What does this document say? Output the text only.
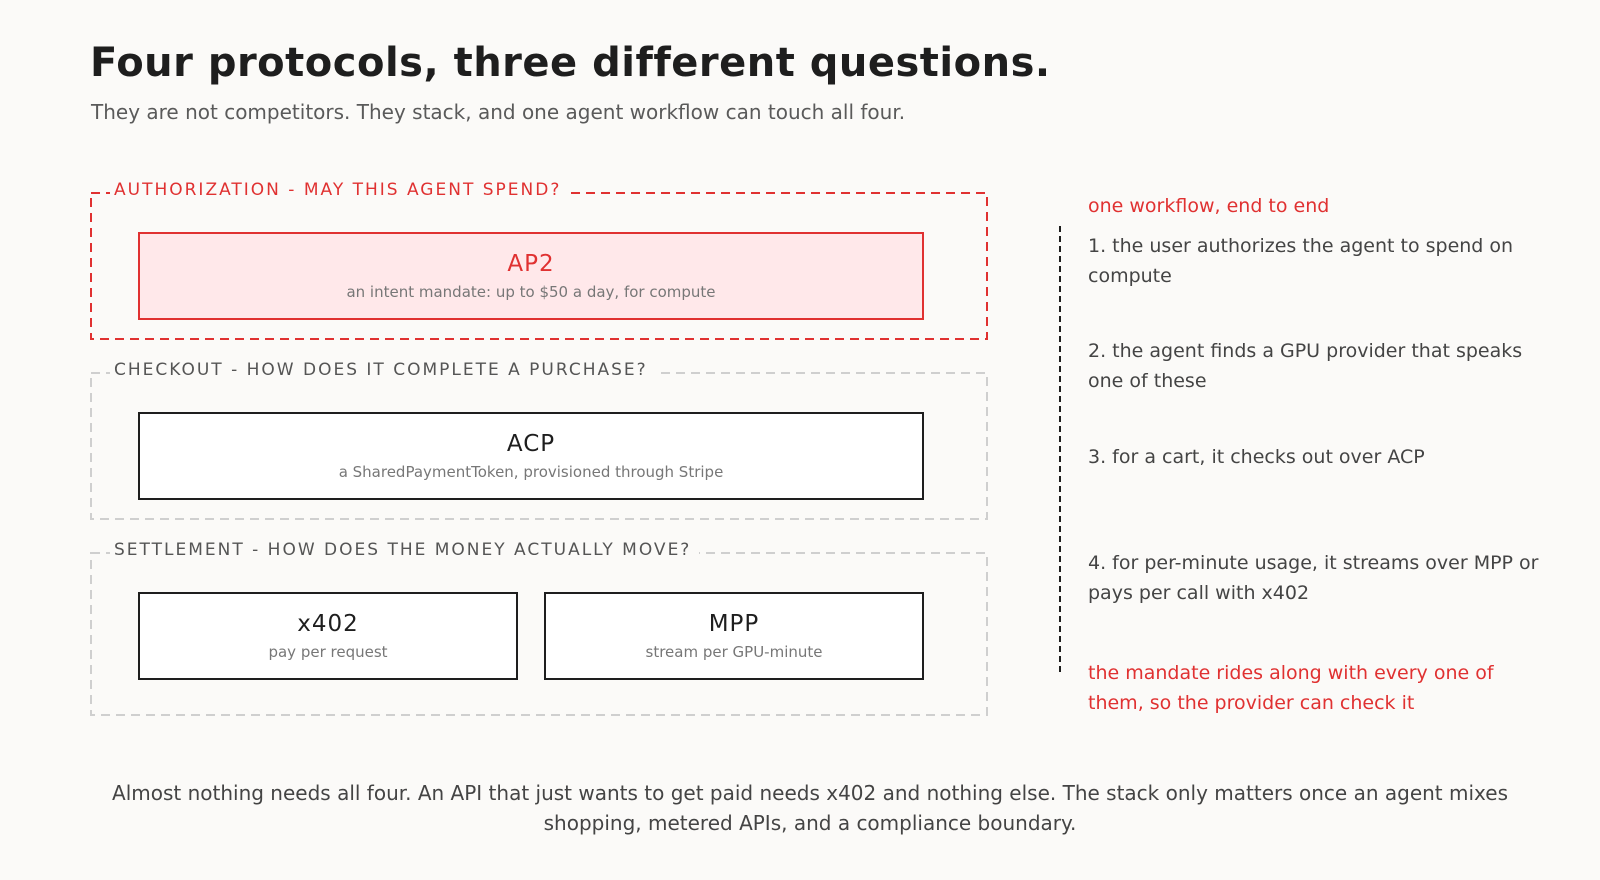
Four protocols, three different questions.
They are not competitors. They stack, and one agent workflow can touch all four.
AUTHORIZATION - MAY THIS AGENT SPEND?
AP2
an intent mandate: up to $50 a day, for compute
CHECKOUT - HOW DOES IT COMPLETE A PURCHASE?
ACP
a SharedPaymentToken, provisioned through Stripe
SETTLEMENT - HOW DOES THE MONEY ACTUALLY MOVE?
x402
pay per request
MPP
stream per GPU-minute
one workflow, end to end
1. the user authorizes the agent to spend on compute
2. the agent finds a GPU provider that speaks one of these
3. for a cart, it checks out over ACP
4. for per-minute usage, it streams over MPP or pays per call with x402
the mandate rides along with every one of them, so the provider can check it
Almost nothing needs all four. An API that just wants to get paid needs x402 and nothing else. The stack only matters once an agent mixes shopping, metered APIs, and a compliance boundary.
